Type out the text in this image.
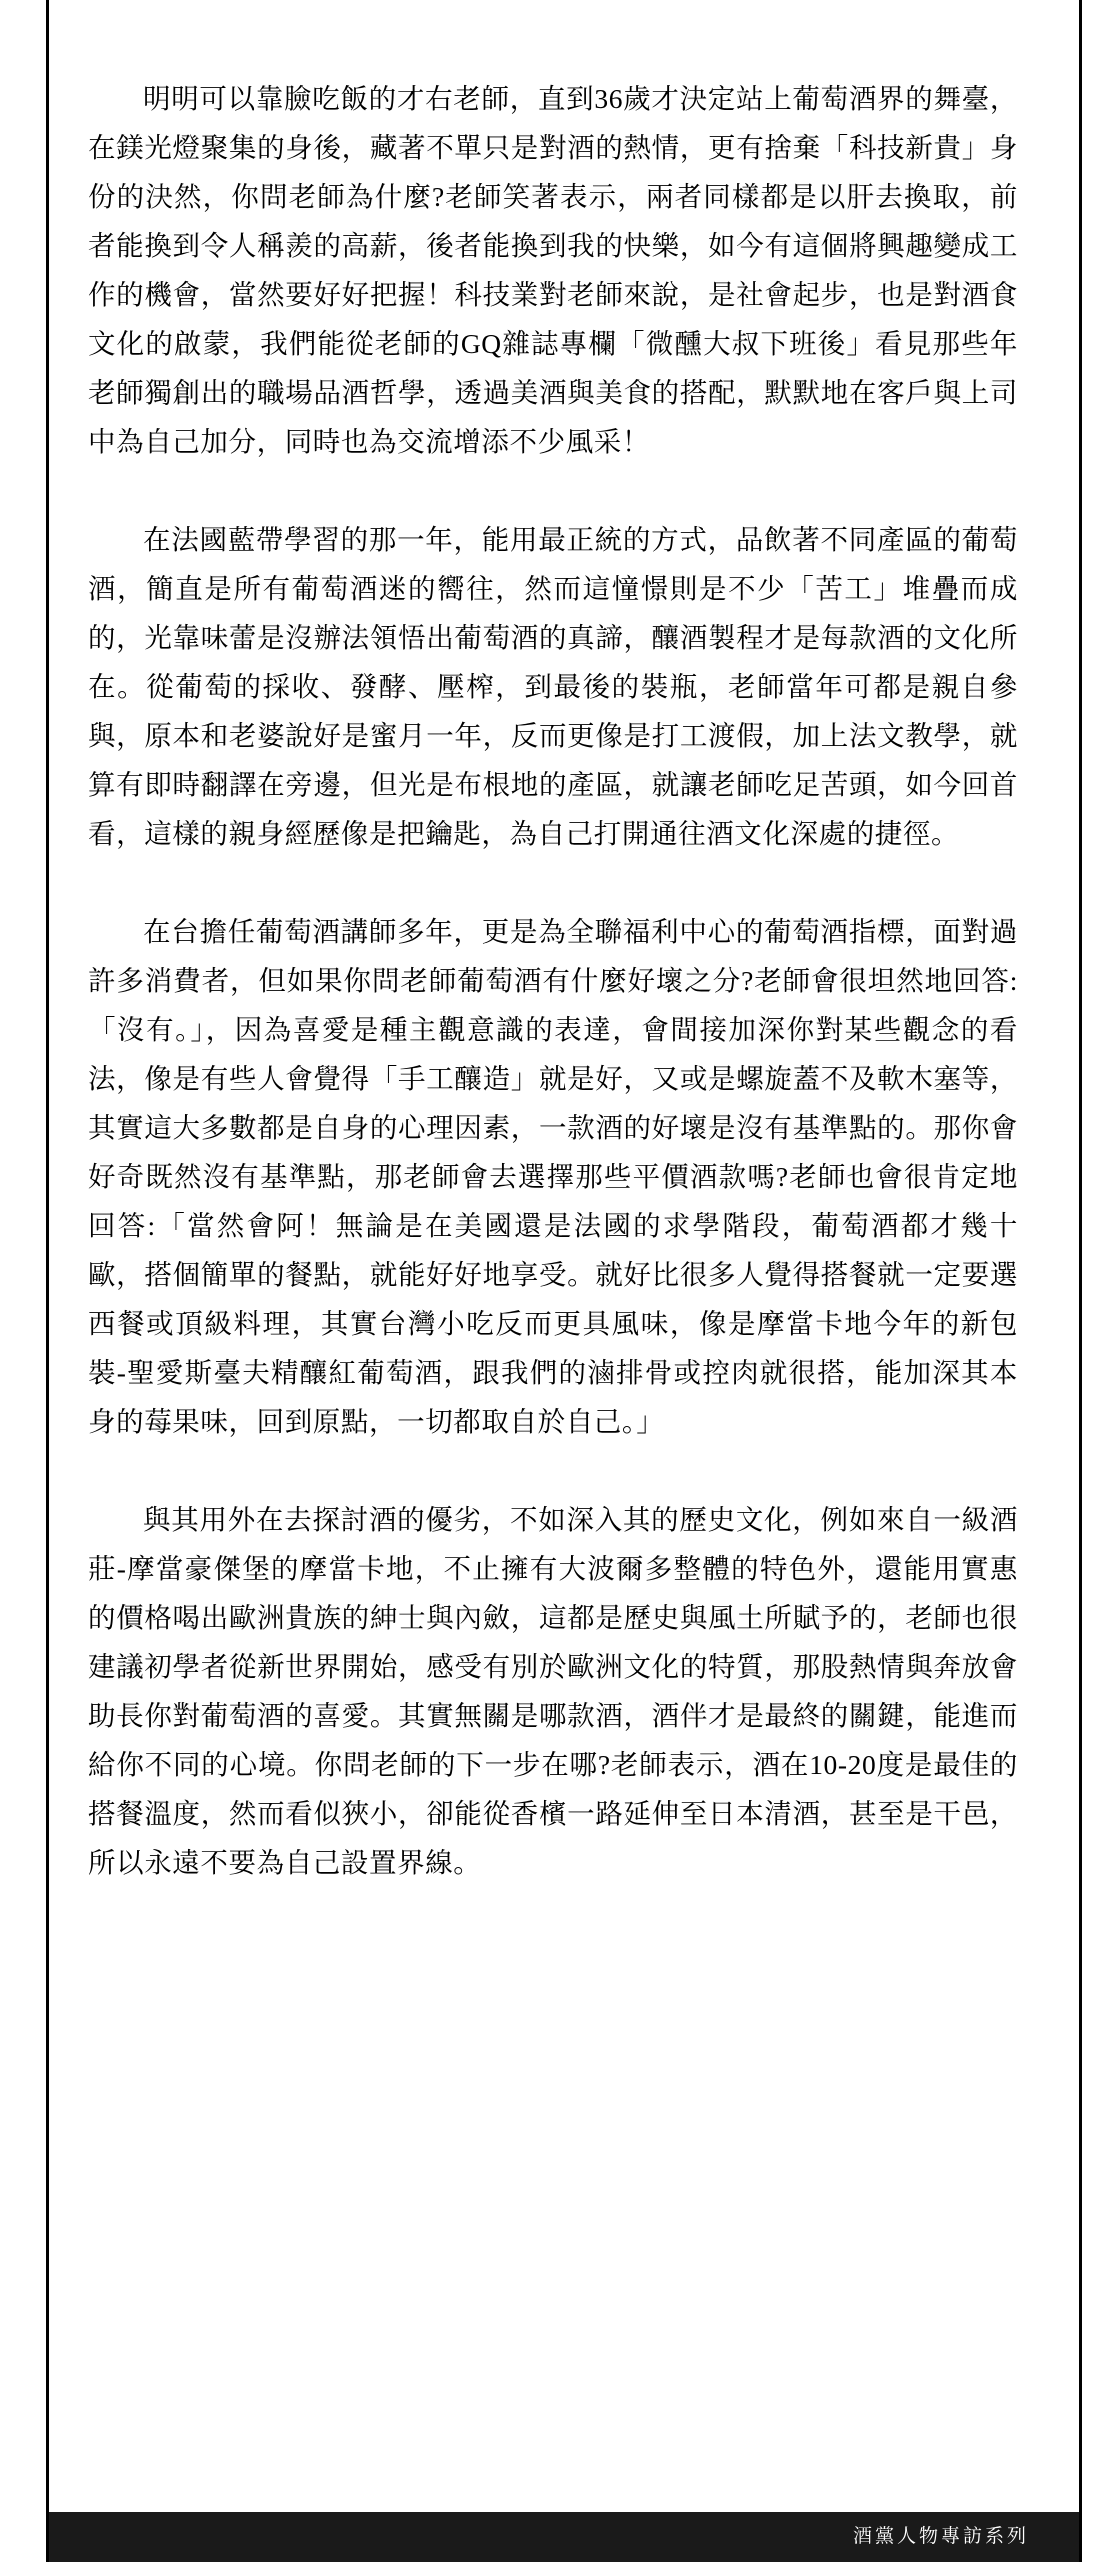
明明可以靠臉吃飯的才右老師，直到36歲才決定站上葡萄酒界的舞臺，在鎂光燈聚集的身後，藏著不單只是對酒的熱情，更有捨棄「科技新貴」身份的決然，你問老師為什麼?老師笑著表示，兩者同樣都是以肝去換取，前者能換到令人稱羨的高薪，後者能換到我的快樂，如今有這個將興趣變成工作的機會，當然要好好把握！科技業對老師來說，是社會起步，也是對酒食文化的啟蒙，我們能從老師的GQ雜誌專欄「微醺大叔下班後」看見那些年老師獨創出的職場品酒哲學，透過美酒與美食的搭配，默默地在客戶與上司中為自己加分，同時也為交流增添不少風采！

在法國藍帶學習的那一年，能用最正統的方式，品飲著不同產區的葡萄酒，簡直是所有葡萄酒迷的嚮往，然而這憧憬則是不少「苦工」堆疊而成的，光靠味蕾是沒辦法領悟出葡萄酒的真諦，釀酒製程才是每款酒的文化所在。從葡萄的採收、發酵、壓榨，到最後的裝瓶，老師當年可都是親自參與，原本和老婆說好是蜜月一年，反而更像是打工渡假，加上法文教學，就算有即時翻譯在旁邊，但光是布根地的產區，就讓老師吃足苦頭，如今回首看，這樣的親身經歷像是把鑰匙，為自己打開通往酒文化深處的捷徑。

在台擔任葡萄酒講師多年，更是為全聯福利中心的葡萄酒指標，面對過許多消費者，但如果你問老師葡萄酒有什麼好壞之分?老師會很坦然地回答:「沒有。」，因為喜愛是種主觀意識的表達，會間接加深你對某些觀念的看法，像是有些人會覺得「手工釀造」就是好，又或是螺旋蓋不及軟木塞等，其實這大多數都是自身的心理因素，一款酒的好壞是沒有基準點的。那你會好奇既然沒有基準點，那老師會去選擇那些平價酒款嗎?老師也會很肯定地回答:「當然會阿！無論是在美國還是法國的求學階段，葡萄酒都才幾十歐，搭個簡單的餐點，就能好好地享受。就好比很多人覺得搭餐就一定要選西餐或頂級料理，其實台灣小吃反而更具風味，像是摩當卡地今年的新包裝-聖愛斯臺夫精釀紅葡萄酒，跟我們的滷排骨或控肉就很搭，能加深其本身的莓果味，回到原點，一切都取自於自己。」

與其用外在去探討酒的優劣，不如深入其的歷史文化，例如來自一級酒莊-摩當豪傑堡的摩當卡地，不止擁有大波爾多整體的特色外，還能用實惠的價格喝出歐洲貴族的紳士與內斂，這都是歷史與風土所賦予的，老師也很建議初學者從新世界開始，感受有別於歐洲文化的特質，那股熱情與奔放會助長你對葡萄酒的喜愛。其實無關是哪款酒，酒伴才是最終的關鍵，能進而給你不同的心境。你問老師的下一步在哪?老師表示，酒在10-20度是最佳的搭餐溫度，然而看似狹小，卻能從香檳一路延伸至日本清酒，甚至是干邑，所以永遠不要為自己設置界線。

酒黨人物專訪系列
